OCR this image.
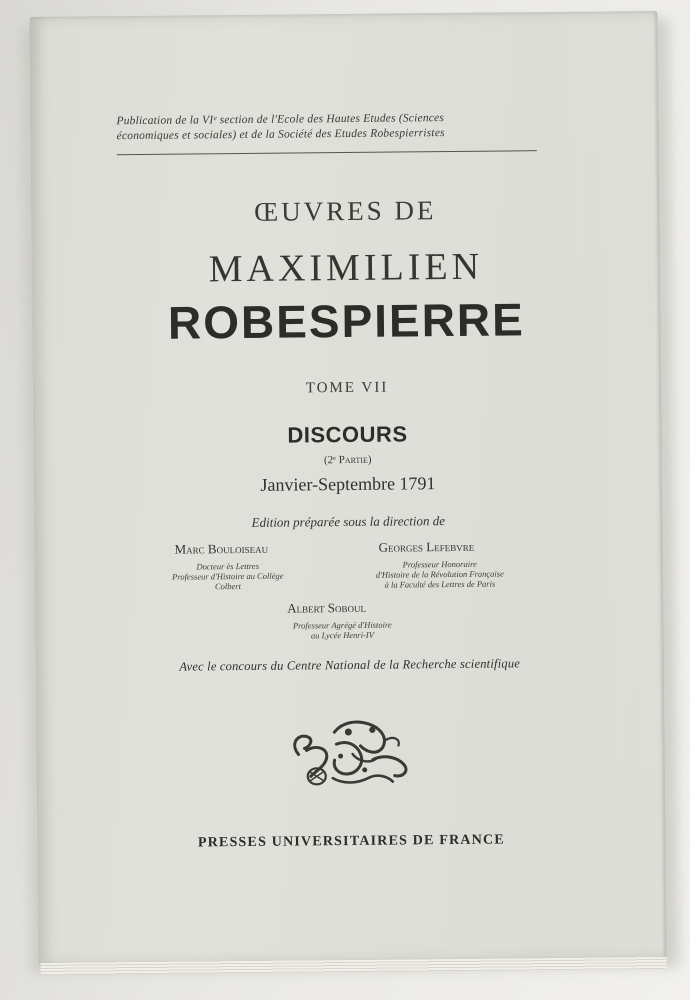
Publication de la VIᵉ section de l'Ecole des Hautes Etudes (Sciences
économiques et sociales) et de la Société des Etudes Robespierristes
ŒUVRES DE
MAXIMILIEN
ROBESPIERRE
TOME VII
DISCOURS
(2ᵉ Partie)
Janvier-Septembre 1791
Edition préparée sous la direction de
Marc Bouloiseau
Docteur ès Lettres
Professeur d'Histoire au Collège
Colbert
Georges Lefebvre
Professeur Honoraire
d'Histoire de la Révolution Française
à la Faculté des Lettres de Paris
Albert Soboul
Professeur Agrégé d'Histoire
au Lycée Henri-IV
Avec le concours du Centre National de la Recherche scientifique
PRESSES UNIVERSITAIRES DE FRANCE
